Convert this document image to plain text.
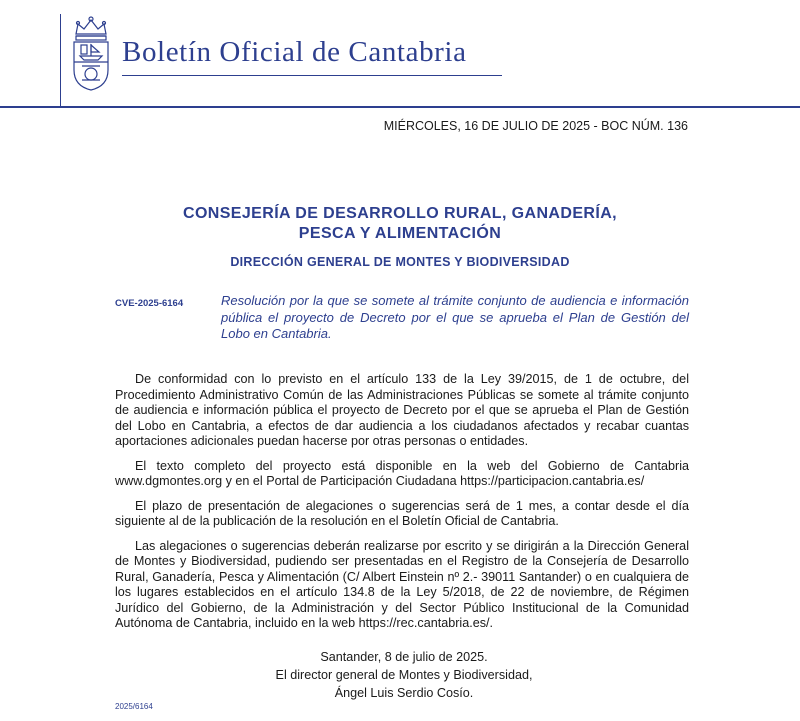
Boletín Oficial de Cantabria
MIÉRCOLES, 16 DE JULIO DE 2025 - BOC NÚM. 136
CONSEJERÍA DE DESARROLLO RURAL, GANADERÍA,
PESCA Y ALIMENTACIÓN
DIRECCIÓN GENERAL DE MONTES Y BIODIVERSIDAD
CVE-2025-6164	Resolución por la que se somete al trámite conjunto de audiencia e información pública el proyecto de Decreto por el que se aprueba el Plan de Gestión del Lobo en Cantabria.

De conformidad con lo previsto en el artículo 133 de la Ley 39/2015, de 1 de octubre, del Procedimiento Administrativo Común de las Administraciones Públicas se somete al trámite conjunto de audiencia e información pública el proyecto de Decreto por el que se aprueba el Plan de Gestión del Lobo en Cantabria, a efectos de dar audiencia a los ciudadanos afectados y recabar cuantas aportaciones adicionales puedan hacerse por otras personas o entidades.

El texto completo del proyecto está disponible en la web del Gobierno de Cantabria www.dgmontes.org y en el Portal de Participación Ciudadana https://participacion.cantabria.es/

El plazo de presentación de alegaciones o sugerencias será de 1 mes, a contar desde el día siguiente al de la publicación de la resolución en el Boletín Oficial de Cantabria.

Las alegaciones o sugerencias deberán realizarse por escrito y se dirigirán a la Dirección General de Montes y Biodiversidad, pudiendo ser presentadas en el Registro de la Consejería de Desarrollo Rural, Ganadería, Pesca y Alimentación (C/ Albert Einstein nº 2.- 39011 Santander) o en cualquiera de los lugares establecidos en el artículo 134.8 de la Ley 5/2018, de 22 de noviembre, de Régimen Jurídico del Gobierno, de la Administración y del Sector Público Institucional de la Comunidad Autónoma de Cantabria, incluido en la web https://rec.cantabria.es/.

Santander, 8 de julio de 2025.
El director general de Montes y Biodiversidad,
Ángel Luis Serdio Cosío.
2025/6164
